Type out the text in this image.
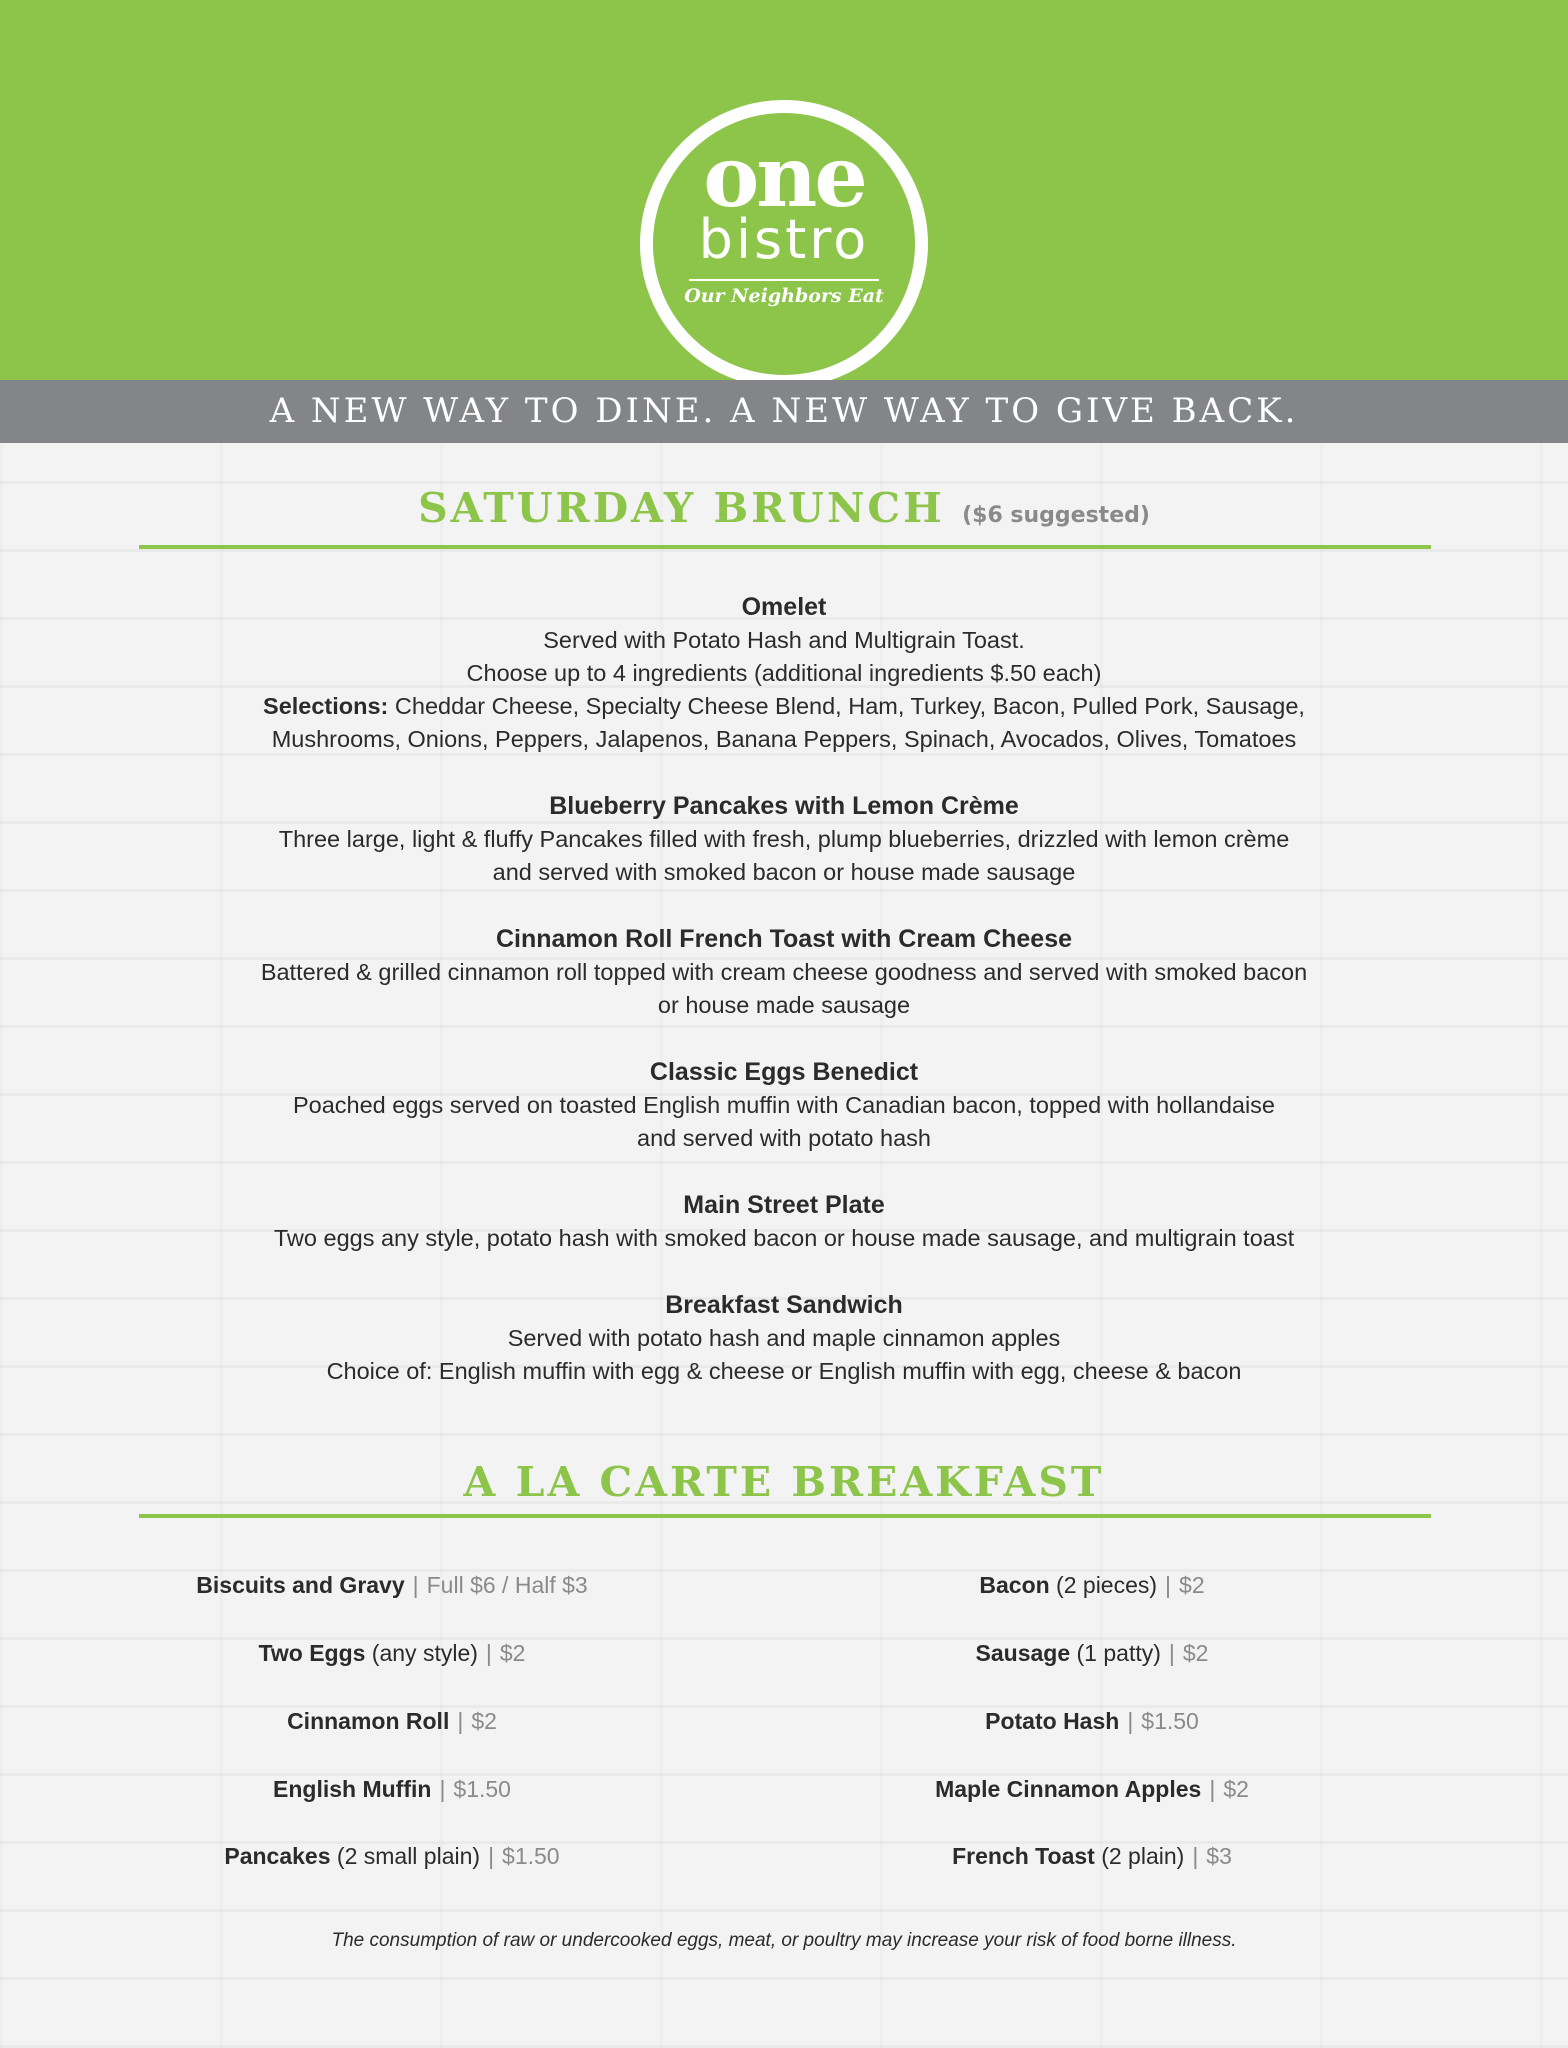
one
bistro
Our Neighbors Eat
A NEW WAY TO DINE. A NEW WAY TO GIVE BACK.
SATURDAY BRUNCH ($6 suggested)
Omelet
Served with Potato Hash and Multigrain Toast.
Choose up to 4 ingredients (additional ingredients $.50 each)
Selections: Cheddar Cheese, Specialty Cheese Blend, Ham, Turkey, Bacon, Pulled Pork, Sausage,
Mushrooms, Onions, Peppers, Jalapenos, Banana Peppers, Spinach, Avocados, Olives, Tomatoes
Blueberry Pancakes with Lemon Crème
Three large, light & fluffy Pancakes filled with fresh, plump blueberries, drizzled with lemon crème
and served with smoked bacon or house made sausage
Cinnamon Roll French Toast with Cream Cheese
Battered & grilled cinnamon roll topped with cream cheese goodness and served with smoked bacon
or house made sausage
Classic Eggs Benedict
Poached eggs served on toasted English muffin with Canadian bacon, topped with hollandaise
and served with potato hash
Main Street Plate
Two eggs any style, potato hash with smoked bacon or house made sausage, and multigrain toast
Breakfast Sandwich
Served with potato hash and maple cinnamon apples
Choice of: English muffin with egg & cheese or English muffin with egg, cheese & bacon
A LA CARTE BREAKFAST
Biscuits and Gravy | Full $6 / Half $3
Two Eggs (any style) | $2
Cinnamon Roll | $2
English Muffin | $1.50
Pancakes (2 small plain) | $1.50
Bacon (2 pieces) | $2
Sausage (1 patty) | $2
Potato Hash | $1.50
Maple Cinnamon Apples | $2
French Toast (2 plain) | $3
The consumption of raw or undercooked eggs, meat, or poultry may increase your risk of food borne illness.
